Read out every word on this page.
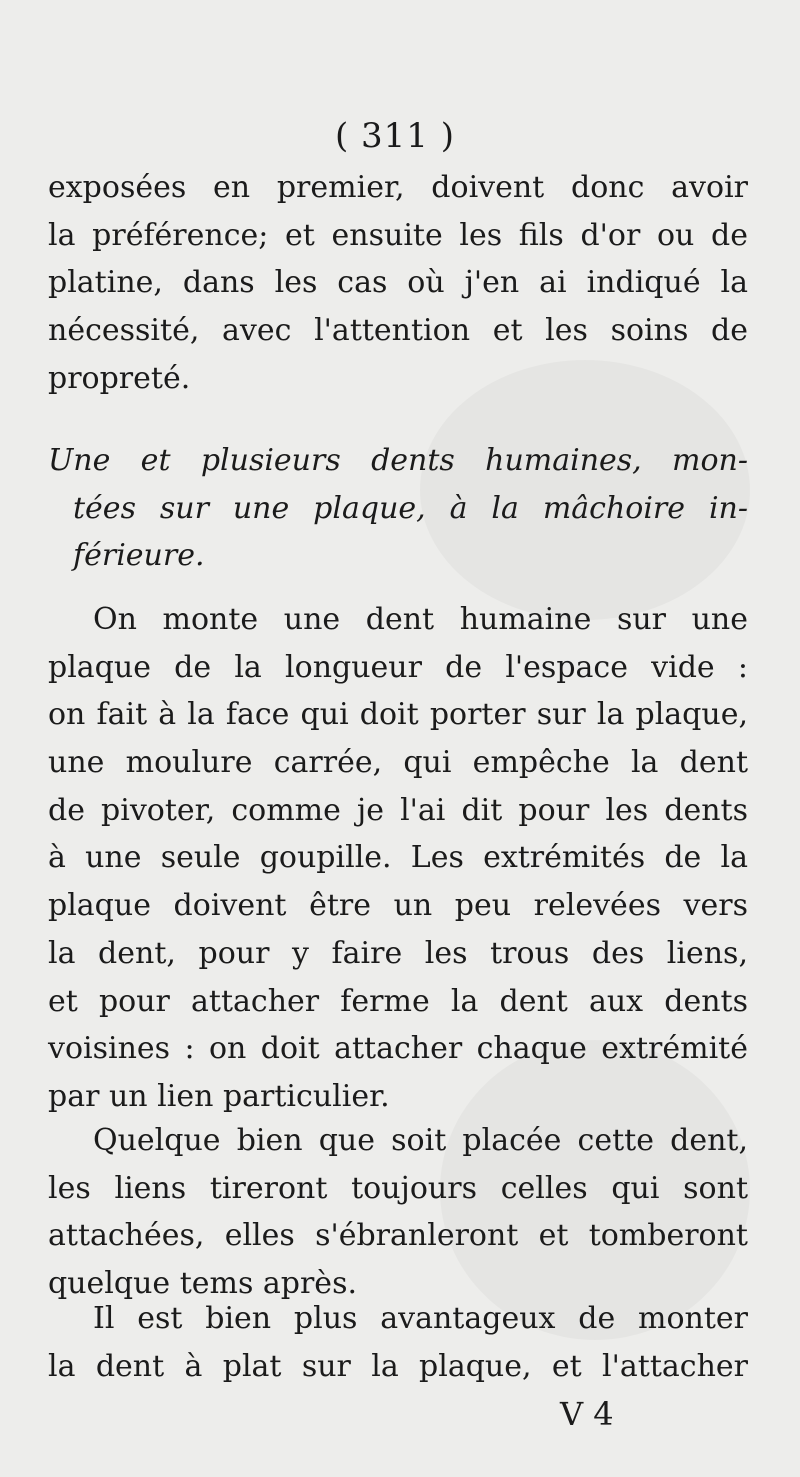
( 311 )
exposées en premier, doivent donc avoir
la préférence; et ensuite les fils d'or ou de
platine, dans les cas où j'en ai indiqué la
nécessité, avec l'attention et les soins de
propreté.
Une et plusieurs dents humaines, mon-
tées sur une plaque, à la mâchoire in-
férieure.
On monte une dent humaine sur une
plaque de la longueur de l'espace vide :
on fait à la face qui doit porter sur la plaque,
une moulure carrée, qui empêche la dent
de pivoter, comme je l'ai dit pour les dents
à une seule goupille. Les extrémités de la
plaque doivent être un peu relevées vers
la dent, pour y faire les trous des liens,
et pour attacher ferme la dent aux dents
voisines : on doit attacher chaque extrémité
par un lien particulier.
Quelque bien que soit placée cette dent,
les liens tireront toujours celles qui sont
attachées, elles s'ébranleront et tomberont
quelque tems après.
Il est bien plus avantageux de monter
la dent à plat sur la plaque, et l'attacher
V 4
